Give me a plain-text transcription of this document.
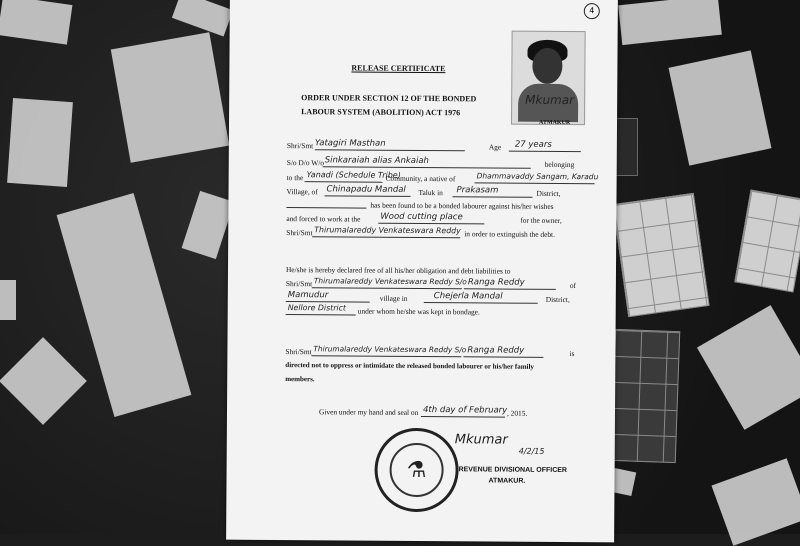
4
RELEASE CERTIFICATE
ORDER UNDER SECTION 12 OF THE BONDED
LABOUR SYSTEM (ABOLITION) ACT 1976
Mkumar
ATMAKUR
Shri/Smt Yatagiri Masthan	Age 27 years
S/o D/o W/o Sinkaraiah alias Ankaiah	belonging
to the Yanadi (Schedule Tribe)
Community, a native of	Dhammavaddy Sangam, Karadu
Village, of Chinapadu Mandal Taluk in Prakasam	District,
has been found to be a bonded labourer against his/her wishes
and forced to work at the Wood cutting place	for the owner,
Shri/Smt Thirumalareddy Venkateswara Reddy in order to extinguish the debt.
He/she is hereby declared free of all his/her obligation and debt liabilities to
Shri/Smt Thirumalareddy Venkateswara Reddy S/o Ranga Reddy	of
Mamudur	village in	Chejerla Mandal	District,
Nellore District under whom he/she was kept in bondage.
Shri/Smt Thirumalareddy Venkateswara Reddy S/o Ranga Reddy	is
directed not to oppress or intimidate the released bonded labourer or his/her family
members.
Given under my hand and seal on 4th day of February , 2015.
⚗
Mkumar
4/2/15
REVENUE DIVISIONAL OFFICER
ATMAKUR.
